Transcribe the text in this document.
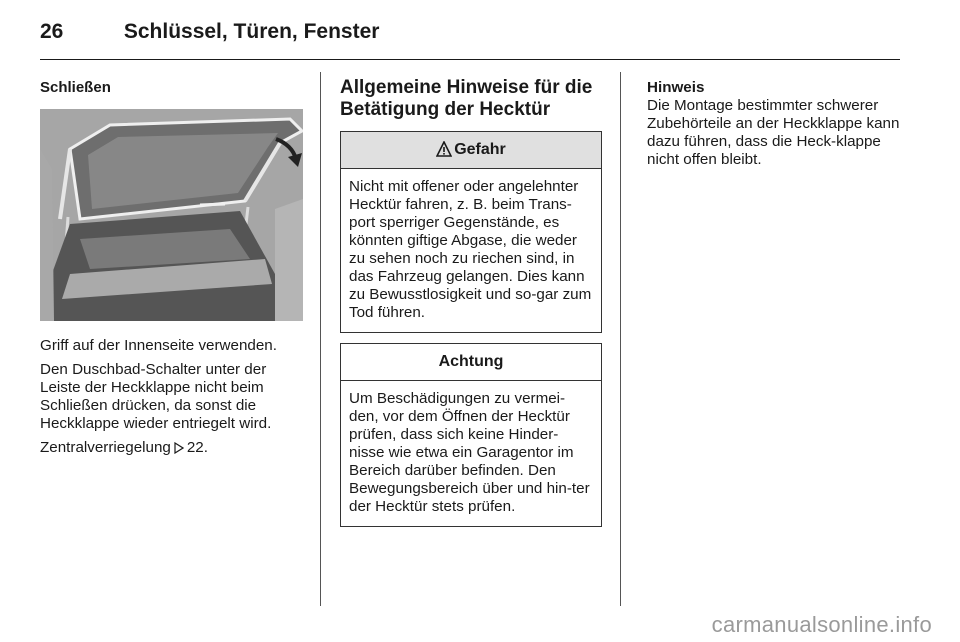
26	Schlüssel, Türen, Fenster
Schließen

Griff auf der Innenseite verwenden.

Den Duschbad-Schalter unter der Leiste der Heckklappe nicht beim Schließen drücken, da sonst die Heckklappe wieder entriegelt wird.

Zentralverriegelung 22.

Allgemeine Hinweise für die
Betätigung der Hecktür
Gefahr
Nicht mit offener oder angelehnter Hecktür fahren, z. B. beim Trans-port sperriger Gegenstände, es könnten giftige Abgase, die weder zu sehen noch zu riechen sind, in das Fahrzeug gelangen. Dies kann zu Bewusstlosigkeit und so-gar zum Tod führen.
Achtung
Um Beschädigungen zu vermei-den, vor dem Öffnen der Hecktür prüfen, dass sich keine Hinder-nisse wie etwa ein Garagentor im Bereich darüber befinden. Den Bewegungsbereich über und hin-ter der Hecktür stets prüfen.
Hinweis
Die Montage bestimmter schwerer Zubehörteile an der Heckklappe kann dazu führen, dass die Heck-klappe nicht offen bleibt.
carmanualsonline.info
